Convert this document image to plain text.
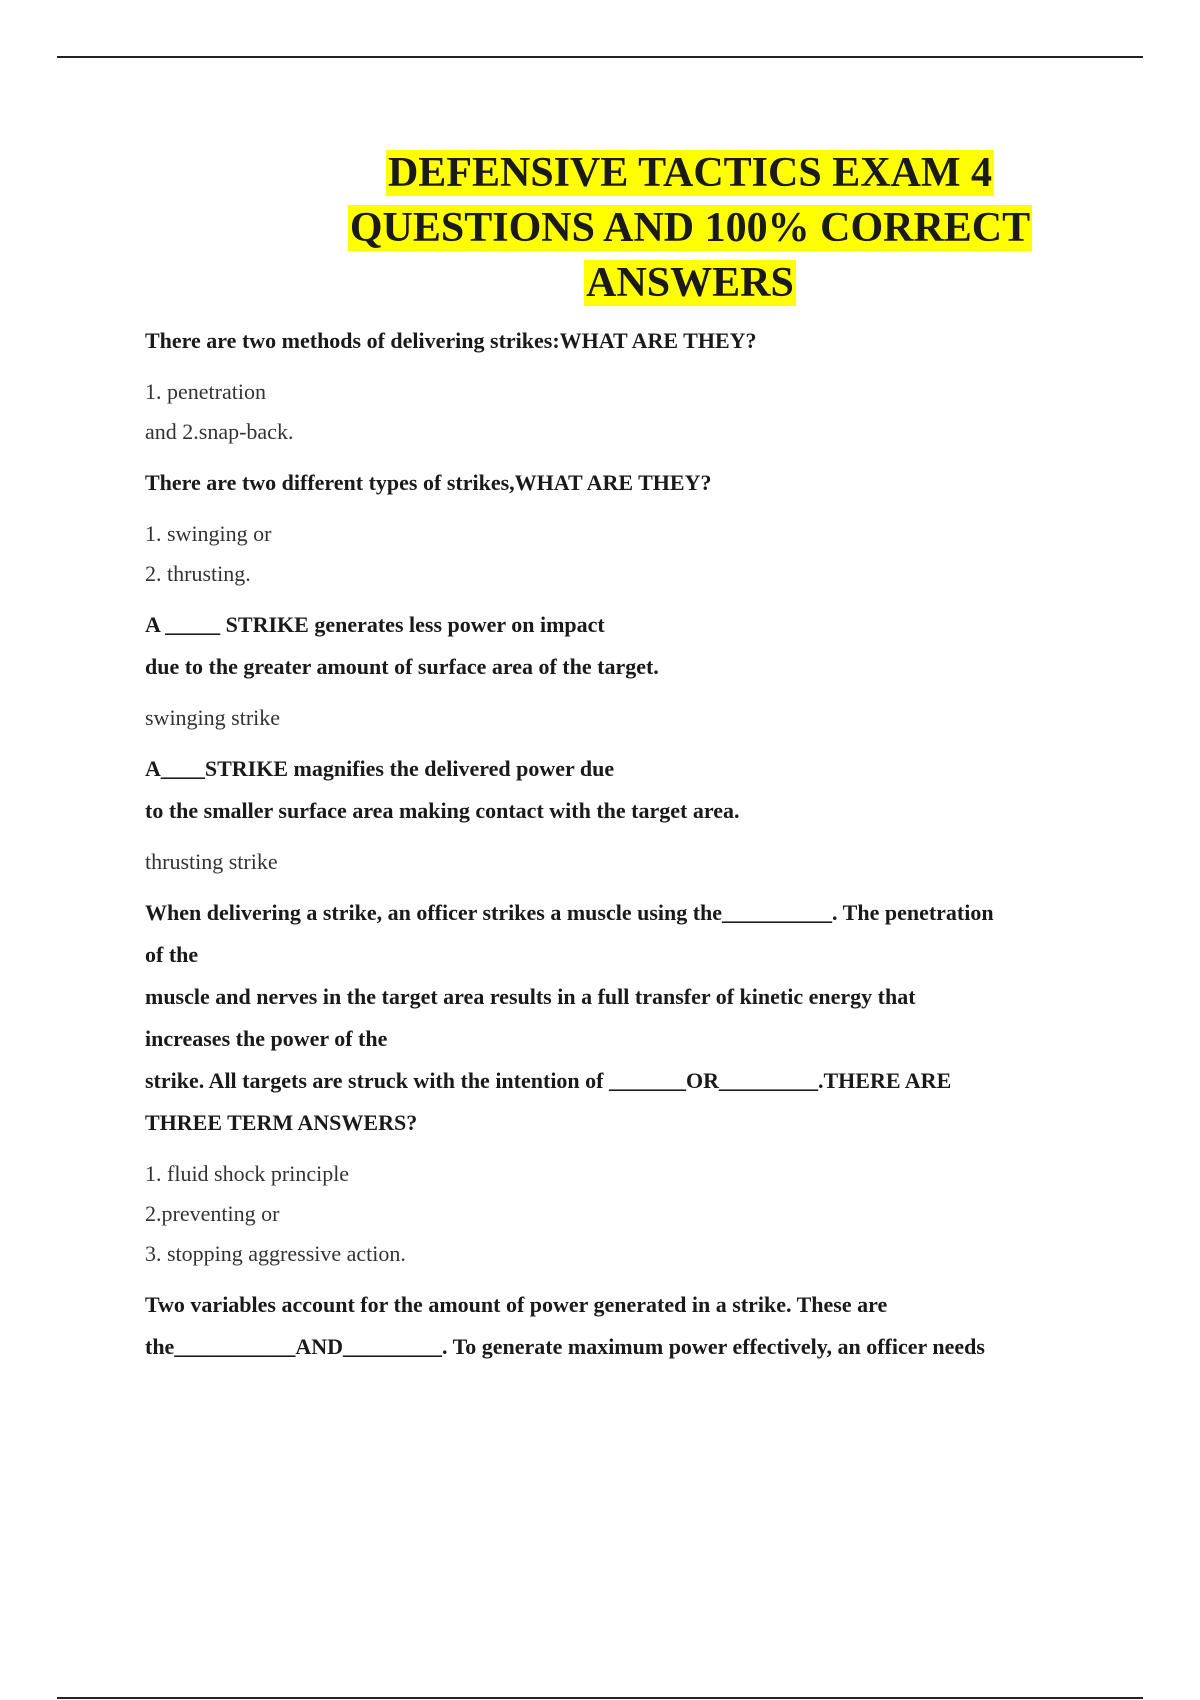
DEFENSIVE TACTICS EXAM 4
QUESTIONS AND 100% CORRECT
ANSWERS

There are two methods of delivering strikes:WHAT ARE THEY?

1. penetration

and 2.snap-back.

There are two different types of strikes,WHAT ARE THEY?

1. swinging or

2. thrusting.

A _____ STRIKE generates less power on impact

due to the greater amount of surface area of the target.

swinging strike

A____STRIKE magnifies the delivered power due

to the smaller surface area making contact with the target area.

thrusting strike

When delivering a strike, an officer strikes a muscle using the__________. The penetration

of the

muscle and nerves in the target area results in a full transfer of kinetic energy that

increases the power of the

strike. All targets are struck with the intention of _______OR_________.THERE ARE

THREE TERM ANSWERS?

1. fluid shock principle

2.preventing or

3. stopping aggressive action.

Two variables account for the amount of power generated in a strike. These are

the___________AND_________. To generate maximum power effectively, an officer needs
